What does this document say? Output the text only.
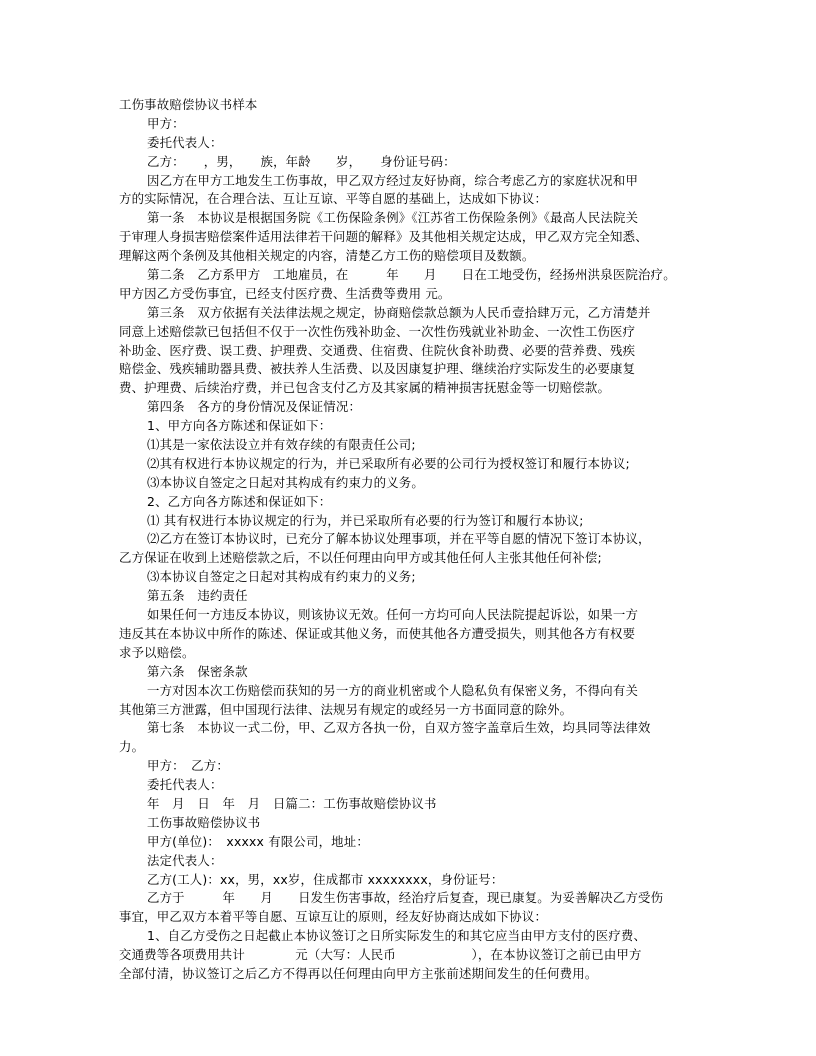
工伤事故赔偿协议书样本
甲方：
委托代表人：
乙方：　　，男，　　族，年龄　　岁，　　身份证号码：
因乙方在甲方工地发生工伤事故，甲乙双方经过友好协商，综合考虑乙方的家庭状况和甲
方的实际情况，在合理合法、互让互谅、平等自愿的基础上，达成如下协议：
第一条　本协议是根据国务院《工伤保险条例》《江苏省工伤保险条例》《最高人民法院关
于审理人身损害赔偿案件适用法律若干问题的解释》及其他相关规定达成，甲乙双方完全知悉、
理解这两个条例及其他相关规定的内容，清楚乙方工伤的赔偿项目及数额。
第二条　乙方系甲方　工地雇员，在　　　年　　月　　日在工地受伤，经扬州洪泉医院治疗。
甲方因乙方受伤事宜，已经支付医疗费、生活费等费用 元。
第三条　双方依据有关法律法规之规定，协商赔偿款总额为人民币壹拾肆万元，乙方清楚并
同意上述赔偿款已包括但不仅于一次性伤残补助金、一次性伤残就业补助金、一次性工伤医疗
补助金、医疗费、误工费、护理费、交通费、住宿费、住院伙食补助费、必要的营养费、残疾
赔偿金、残疾辅助器具费、被扶养人生活费、以及因康复护理、继续治疗实际发生的必要康复
费、护理费、后续治疗费，并已包含支付乙方及其家属的精神损害抚慰金等一切赔偿款。
第四条　各方的身份情况及保证情况：
1、甲方向各方陈述和保证如下：
⑴其是一家依法设立并有效存续的有限责任公司;
⑵其有权进行本协议规定的行为，并已采取所有必要的公司行为授权签订和履行本协议;
⑶本协议自签定之日起对其构成有约束力的义务。
2、乙方向各方陈述和保证如下：
⑴ 其有权进行本协议规定的行为，并已采取所有必要的行为签订和履行本协议;
⑵乙方在签订本协议时，已充分了解本协议处理事项，并在平等自愿的情况下签订本协议，
乙方保证在收到上述赔偿款之后，不以任何理由向甲方或其他任何人主张其他任何补偿;
⑶本协议自签定之日起对其构成有约束力的义务;
第五条　违约责任
如果任何一方违反本协议，则该协议无效。任何一方均可向人民法院提起诉讼，如果一方
违反其在本协议中所作的陈述、保证或其他义务，而使其他各方遭受损失，则其他各方有权要
求予以赔偿。
第六条　保密条款
一方对因本次工伤赔偿而获知的另一方的商业机密或个人隐私负有保密义务，不得向有关
其他第三方泄露，但中国现行法律、法规另有规定的或经另一方书面同意的除外。
第七条　本协议一式二份，甲、乙双方各执一份，自双方签字盖章后生效，均具同等法律效
力。
甲方：　乙方：
委托代表人：
年　月　日　年　月　日篇二：工伤事故赔偿协议书
工伤事故赔偿协议书
甲方(单位)：　xxxxx 有限公司，地址：
法定代表人：
乙方(工人)：xx，男，xx岁，住成都市 xxxxxxxx，身份证号：
乙方于　　　年　　月　　日发生伤害事故，经治疗后复查，现已康复。为妥善解决乙方受伤
事宜，甲乙双方本着平等自愿、互谅互让的原则，经友好协商达成如下协议：
1、自乙方受伤之日起截止本协议签订之日所实际发生的和其它应当由甲方支付的医疗费、
交通费等各项费用共计　　　　元（大写：人民币　　　　　　），在本协议签订之前已由甲方
全部付清，协议签订之后乙方不得再以任何理由向甲方主张前述期间发生的任何费用。
